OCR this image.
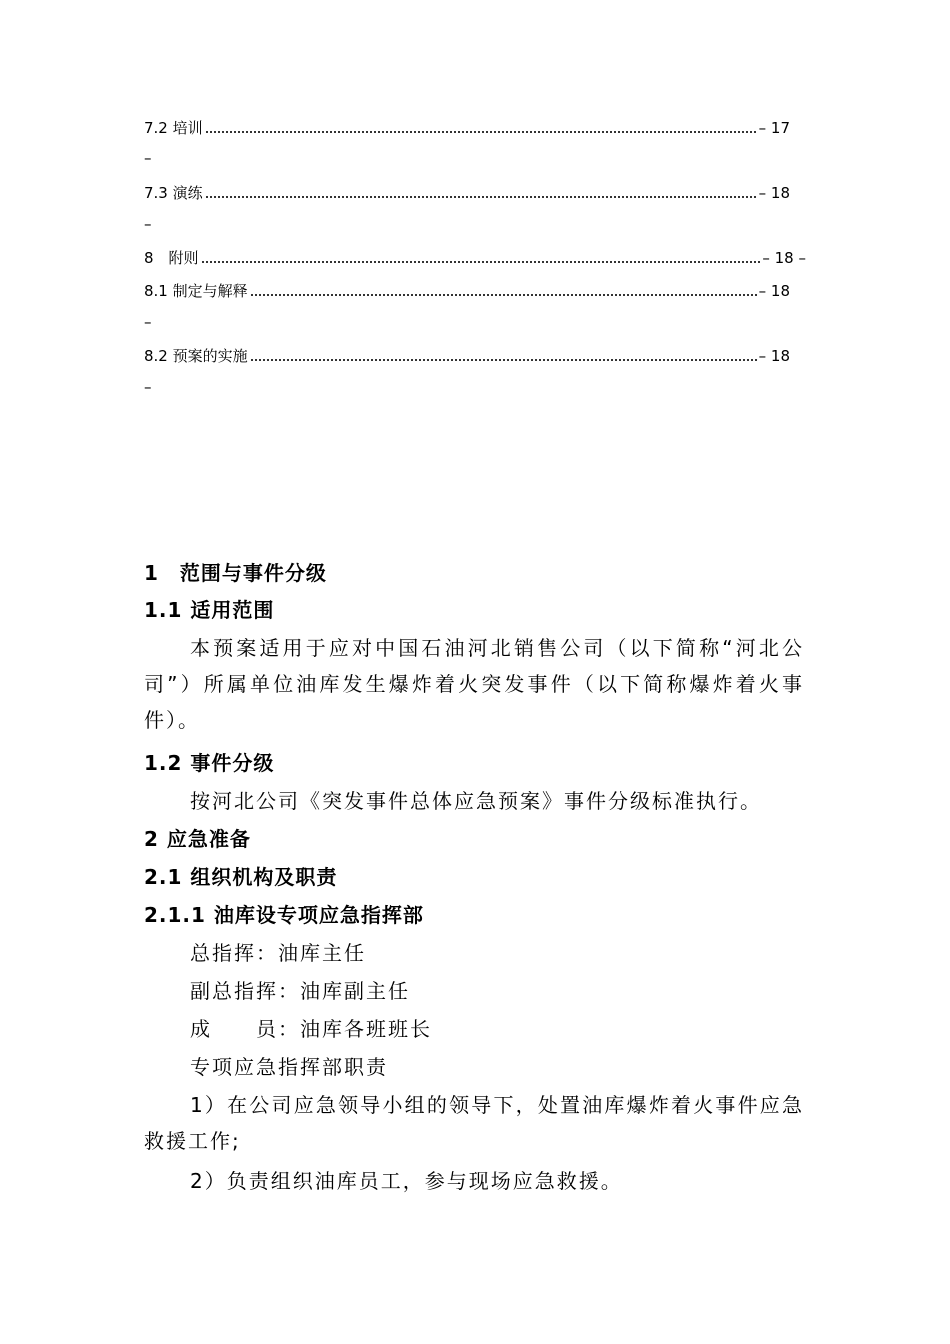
7.2 培训	– 17
–
7.3 演练	– 18
–
8　附则	– 18 –
8.1 制定与解释	– 18
–
8.2 预案的实施	– 18
–
1　范围与事件分级
1.1 适用范围
本预案适用于应对中国石油河北销售公司（以下简称“河北公司”）所属单位油库发生爆炸着火突发事件（以下简称爆炸着火事件）。
1.2 事件分级
按河北公司《突发事件总体应急预案》事件分级标准执行。
2 应急准备
2.1 组织机构及职责
2.1.1 油库设专项应急指挥部
总指挥：油库主任
副总指挥：油库副主任
成　　员：油库各班班长
专项应急指挥部职责
1）在公司应急领导小组的领导下，处置油库爆炸着火事件应急救援工作;
2）负责组织油库员工，参与现场应急救援。
